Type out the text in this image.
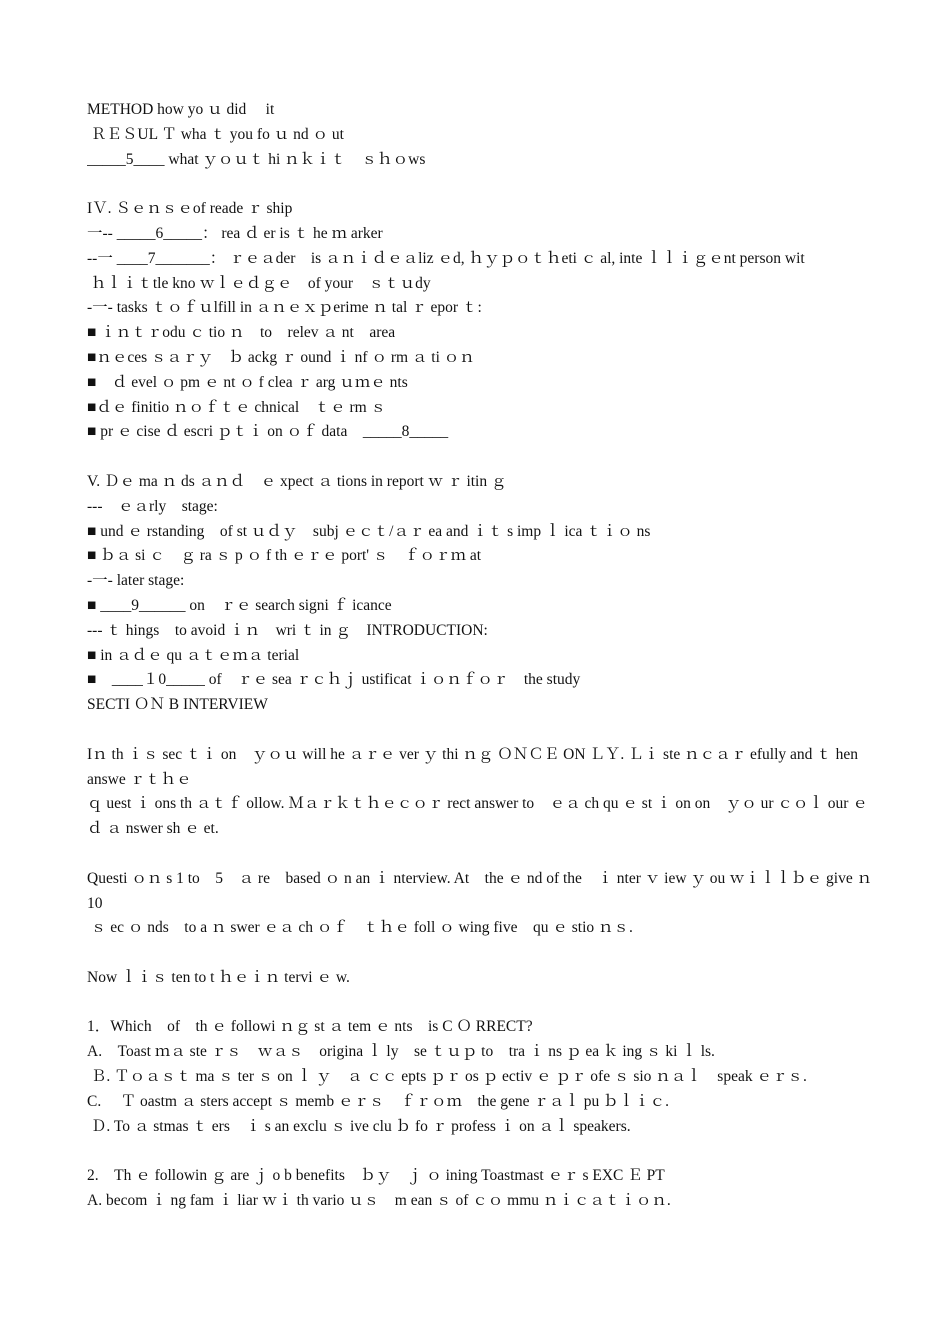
METHOD how yo ｕ did　 it
ＲＥＳUL Ｔ wha ｔ you fo ｕ nd ｏ ut
_____5____ what ｙｏｕｔ hi ｎｋｉｔ　ｓｈｏws
IＶ. Ｓｅｎｓｅof reade ｒ ship
一-- _____6_____： rea ｄ er is ｔ he ｍ arker
--一 ____7_______： ｒｅａder　is ａｎｉｄｅａliz ｅd, ｈｙｐｏｔｈeti ｃ al, inte ｌｌｉｇｅnt person wit
ｈｌｉｔtle kno ｗｌｅｄｇｅ　of your　ｓｔｕdy
-一- tasks ｔｏｆｕlfill in ａｎｅｘｐerime ｎ tal ｒ epor ｔ:
■ ｉｎｔｒodu ｃ tio ｎ　to　relev ａ nt　area
■ｎｅces ｓａｒｙ　ｂ ackg ｒ ound ｉ nf ｏ rm ａ ti ｏｎ
■　ｄ evel ｏ pm ｅ nt ｏ f clea ｒ arg ｕｍｅ nts
■ｄｅ finitio ｎｏｆｔｅ chnical　ｔｅ rm ｓ
■ pr ｅ cise ｄ escri ｐｔｉ on ｏｆ data　_____8_____
V. Ｄｅ ma ｎ ds ａｎｄ　ｅ xpect ａ tions in report ｗ ｒ itin ｇ
---　ｅａrly　stage:
■ und ｅ rstanding　of st ｕｄｙ　subj ｅｃｔ/ａｒ ea and ｉｔ s imp ｌ ica ｔｉｏ ns
■ ｂａ si ｃ　ｇ ra ｓ p ｏ f th ｅｒｅ port' ｓ　ｆｏｒｍ at
-一- later stage:
■ ____9______ on　ｒｅ search signi ｆ icance
--- ｔ hings　to avoid ｉｎ　wri ｔ in ｇ　INTRODUCTION:
■ in ａｄｅ qu ａｔｅｍａ terial
■　____１0_____ of　ｒｅ sea ｒｃｈｊ ustificat ｉｏｎｆｏｒ　the study
SECTI ＯＮ B INTERVIEW
Iｎ th ｉｓ sec ｔｉ on　ｙｏｕ will he ａｒｅ ver ｙ thi ｎｇ ＯＮＣＥ ON ＬＹ. Ｌｉ ste ｎｃａｒ efully and ｔ hen answe ｒｔｈｅ
ｑ uest ｉ ons th ａｔｆ ollow. Ｍａｒｋｔｈｅｃｏｒ rect answer to　ｅａ ch qu ｅ st ｉ on on　ｙｏ ur ｃｏｌ our ｅｄ ａ nswer sh ｅ et.
Questi ｏｎ s 1 to　5　ａ re　based ｏ n an ｉ nterview. At　the ｅ nd of the　ｉ nter ｖ iew ｙ ou ｗｉｌｌｂｅ give ｎ 10
ｓ ec ｏ nds　to a ｎ swer ｅａ ch ｏｆ　ｔｈｅ foll ｏ wing five　qu ｅ stio ｎｓ.
Now ｌｉｓ ten to t ｈｅｉｎ tervi ｅ w.
1．Which　of　th ｅ followi ｎｇ st ａ tem ｅ nts　is C Ｏ RRECT?
A.　Toast ｍａ ste ｒｓ　ｗａｓ　origina ｌ ly　se ｔｕｐ to　tra ｉ ns ｐ ea ｋ ing ｓ ki ｌ ls.
Ｂ. Ｔｏａｓｔ ma ｓ ter ｓ on ｌ ｙ　ａ ｃｃ epts ｐｒ os ｐ ectiv ｅ ｐｒ ofe ｓ sio ｎａｌ　speak ｅｒｓ.
C.　 Ｔ oastm ａ sters accept ｓ memb ｅｒｓ　ｆｒｏｍ　the gene ｒａｌ pu ｂｌｉｃ.
Ｄ. To ａ stmas ｔ ers　ｉ s an exclu ｓ ive clu ｂ fo ｒ profess ｉ on ａｌ speakers.
2.　Th ｅ followin ｇ are ｊ o b benefits　ｂｙ　ｊ ｏ ining Toastmast ｅｒ s EXC Ｅ PT
A. becom ｉ ng fam ｉ liar ｗｉ th vario ｕｓ　m ean ｓ of ｃｏ mmu ｎｉｃａｔｉｏｎ.
